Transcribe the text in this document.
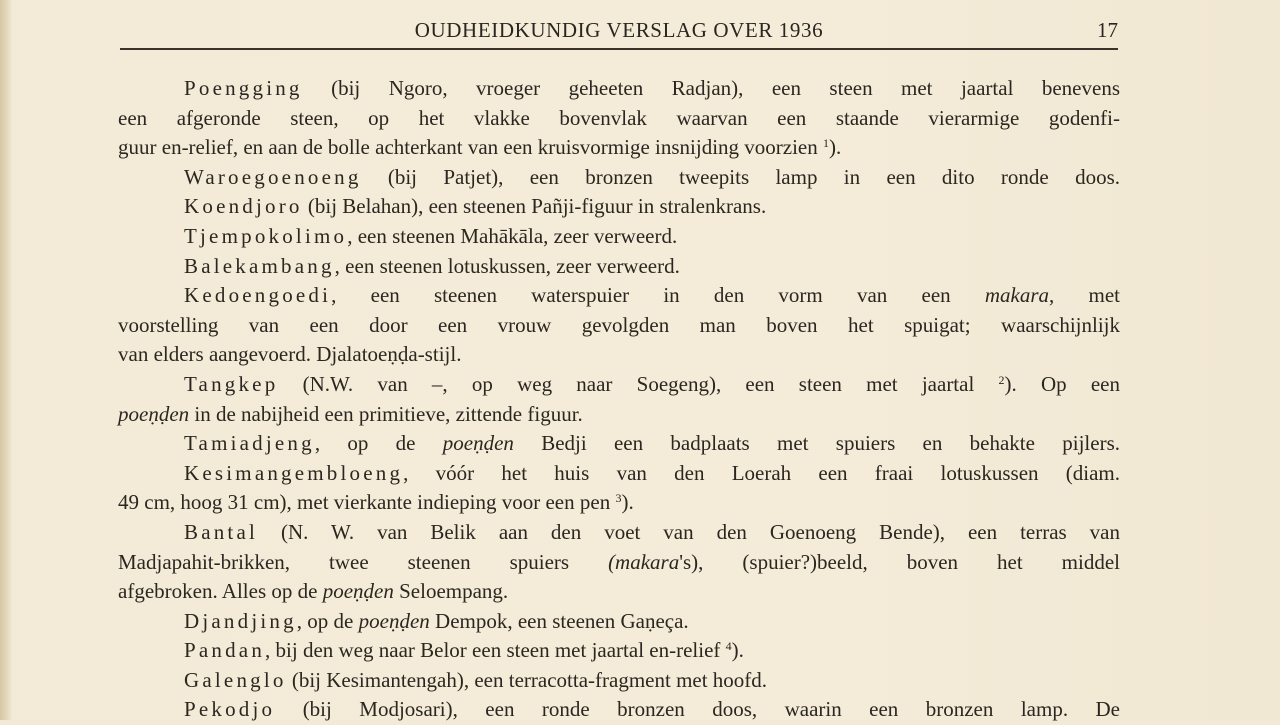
OUDHEIDKUNDIG VERSLAG OVER 1936	17
Poengging (bij Ngoro, vroeger geheeten Radjan), een steen met jaartal benevens
een afgeronde steen, op het vlakke bovenvlak waarvan een staande vierarmige godenfi-
guur en-relief, en aan de bolle achterkant van een kruisvormige insnijding voorzien $^1$).
Waroegoenoeng (bij Patjet), een bronzen tweepits lamp in een dito ronde doos.
Koendjoro (bij Belahan), een steenen Pañji-figuur in stralenkrans.
Tjempokolimo, een steenen Mahākāla, zeer verweerd.
Balekambang, een steenen lotuskussen, zeer verweerd.
Kedoengoedi, een steenen waterspuier in den vorm van een makara, met
voorstelling van een door een vrouw gevolgden man boven het spuigat; waarschijnlijk
van elders aangevoerd. Djalatoeṇḍa-stijl.
Tangkep (N.W. van –, op weg naar Soegeng), een steen met jaartal $^2$). Op een
poeṇḍen in de nabijheid een primitieve, zittende figuur.
Tamiadjeng, op de poeṇḍen Bedji een badplaats met spuiers en behakte pijlers.
Kesimangembloeng, vóór het huis van den Loerah een fraai lotuskussen (diam.
49 cm, hoog 31 cm), met vierkante indieping voor een pen $^3$).
Bantal (N. W. van Belik aan den voet van den Goenoeng Bende), een terras van
Madjapahit-brikken, twee steenen spuiers (makara's), (spuier?)beeld, boven het middel
afgebroken. Alles op de poeṇḍen Seloempang.
Djandjing, op de poeṇḍen Dempok, een steenen Gaṇeça.
Pandan, bij den weg naar Belor een steen met jaartal en-relief $^4$).
Galenglo (bij Kesimantengah), een terracotta-fragment met hoofd.
Pekodjo (bij Modjosari), een ronde bronzen doos, waarin een bronzen lamp. De
